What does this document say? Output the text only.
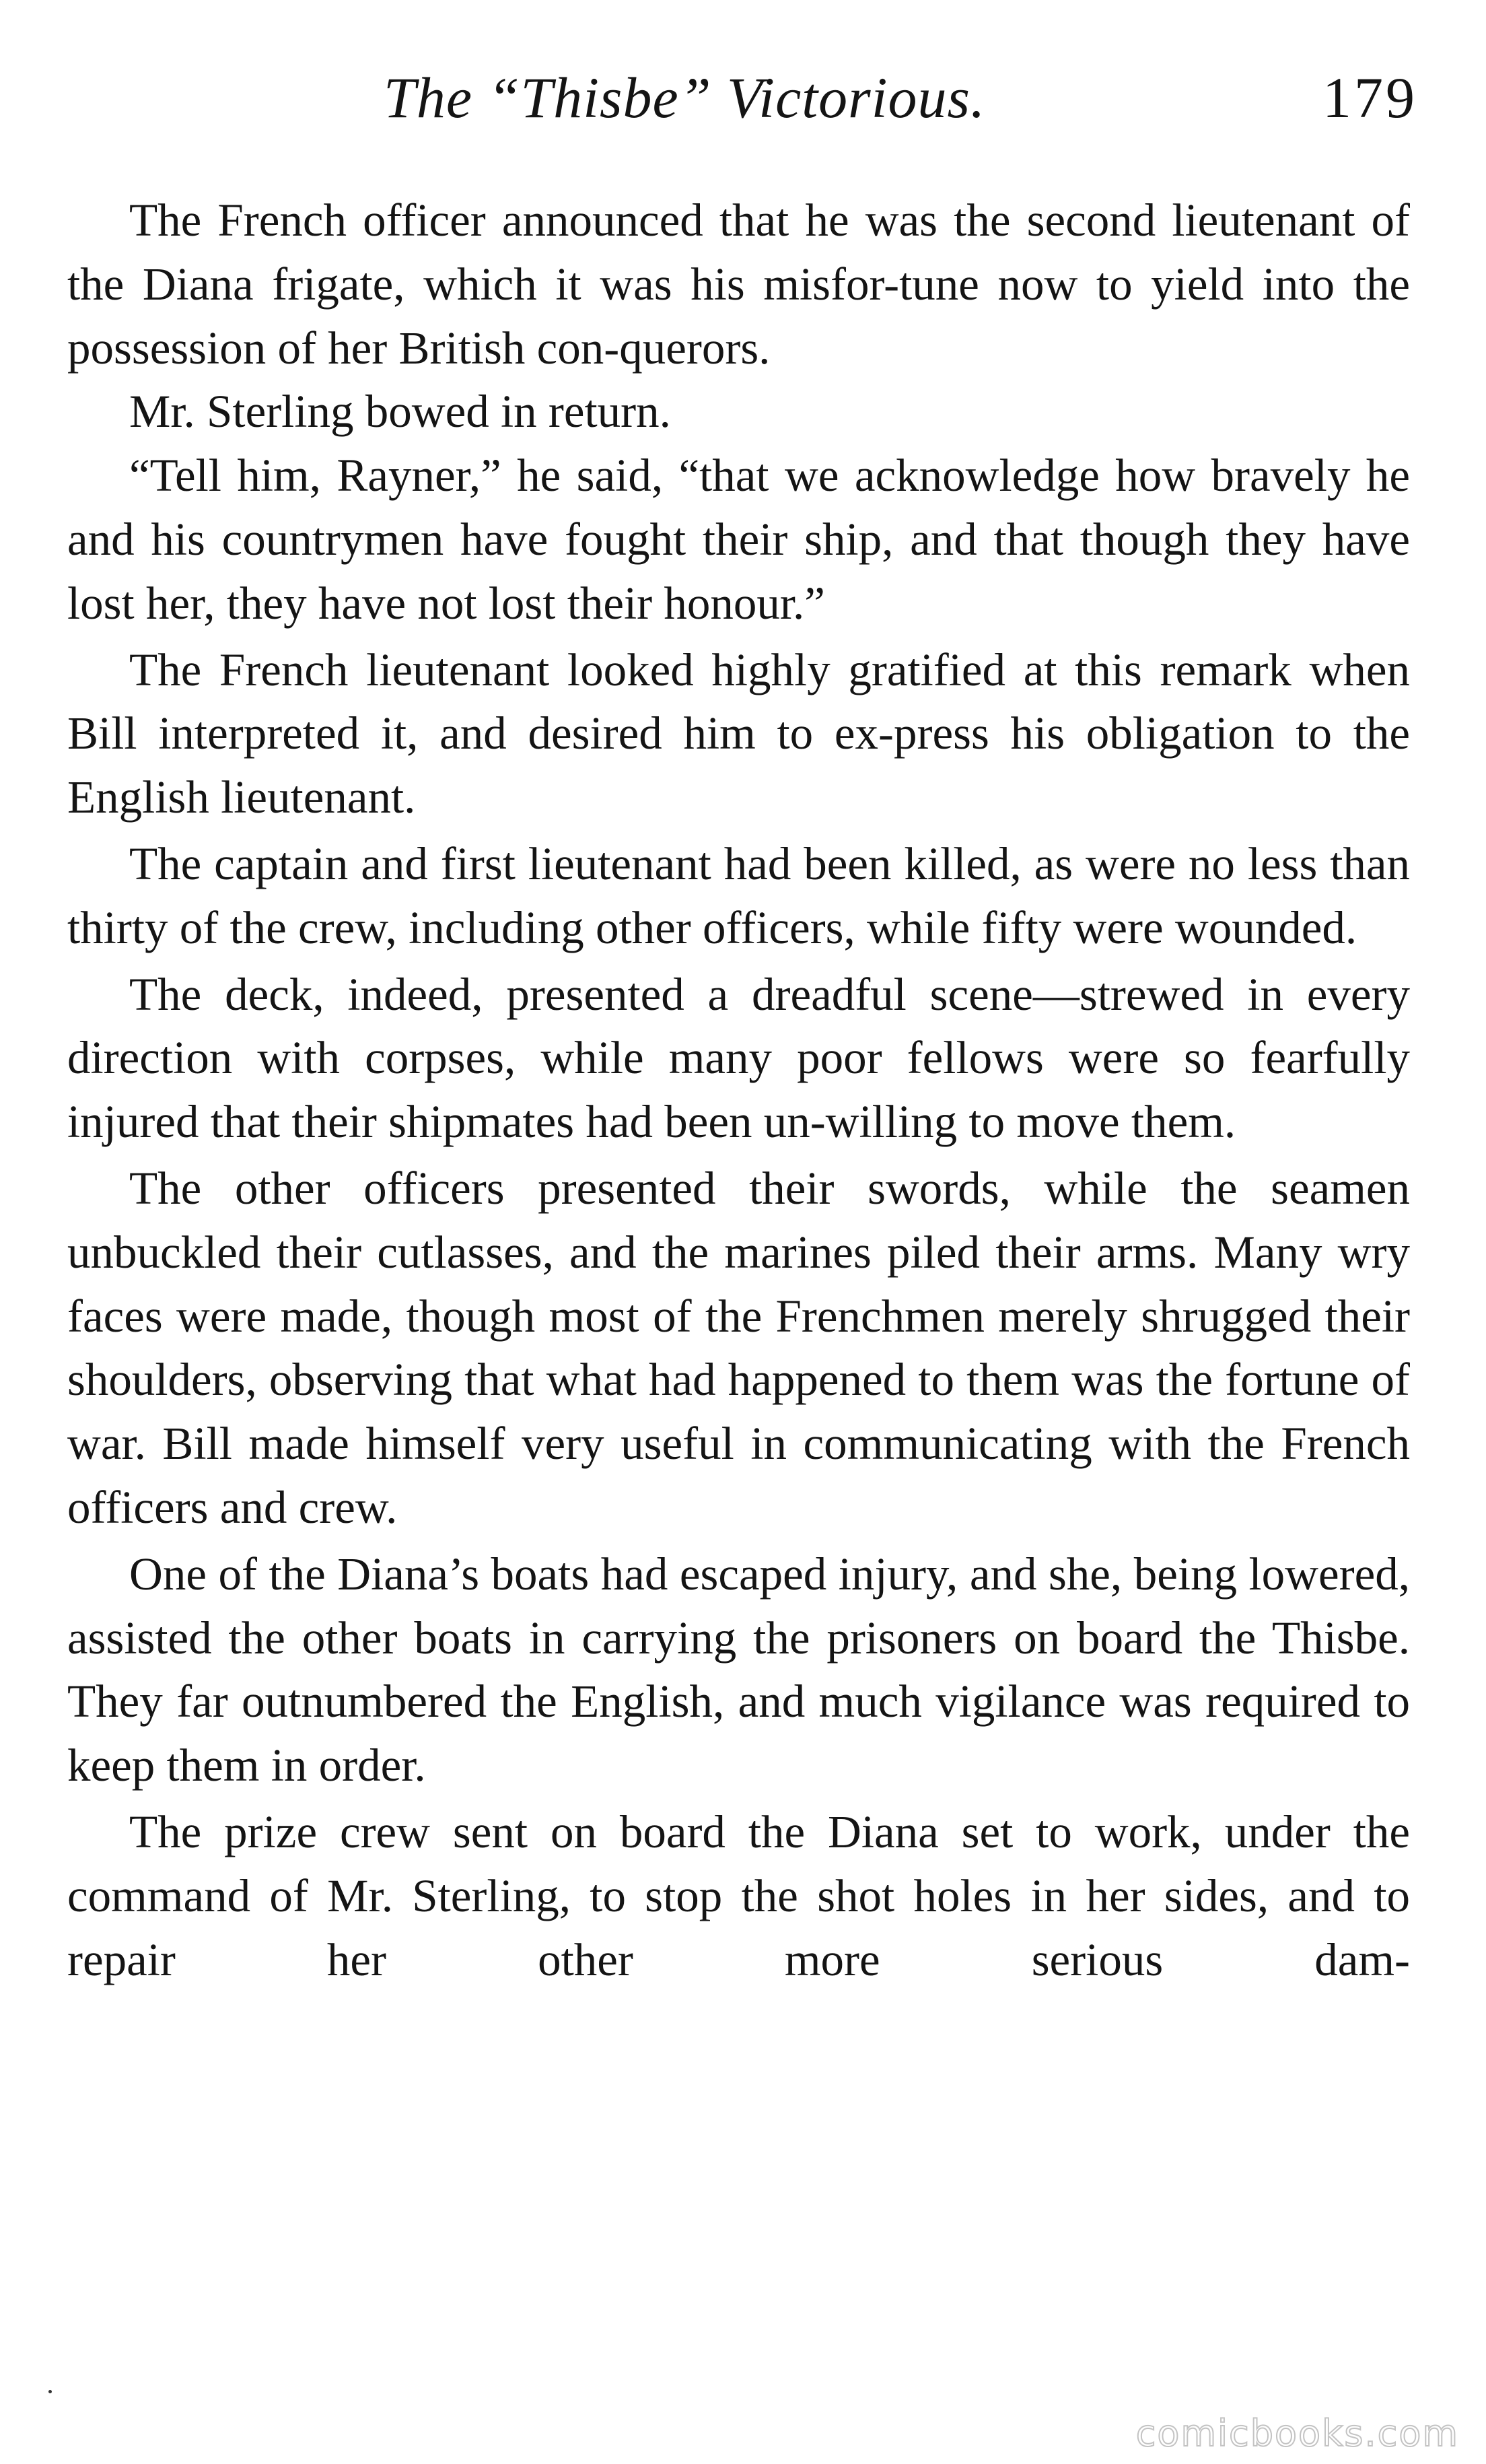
The “Thisbe” Victorious.	179

The French officer announced that he was the second lieutenant of the Diana frigate, which it was his misfor-tune now to yield into the possession of her British con-querors.

Mr. Sterling bowed in return.

“Tell him, Rayner,” he said, “that we acknowledge how bravely he and his countrymen have fought their ship, and that though they have lost her, they have not lost their honour.”

The French lieutenant looked highly gratified at this remark when Bill interpreted it, and desired him to ex-press his obligation to the English lieutenant.

The captain and first lieutenant had been killed, as were no less than thirty of the crew, including other officers, while fifty were wounded.

The deck, indeed, presented a dreadful scene—strewed in every direction with corpses, while many poor fellows were so fearfully injured that their shipmates had been un-willing to move them.

The other officers presented their swords, while the seamen unbuckled their cutlasses, and the marines piled their arms. Many wry faces were made, though most of the Frenchmen merely shrugged their shoulders, observing that what had happened to them was the fortune of war. Bill made himself very useful in communicating with the French officers and crew.

One of the Diana’s boats had escaped injury, and she, being lowered, assisted the other boats in carrying the prisoners on board the Thisbe. They far outnumbered the English, and much vigilance was required to keep them in order.

The prize crew sent on board the Diana set to work, under the command of Mr. Sterling, to stop the shot holes in her sides, and to repair her other more serious dam-

comicbooks.com
